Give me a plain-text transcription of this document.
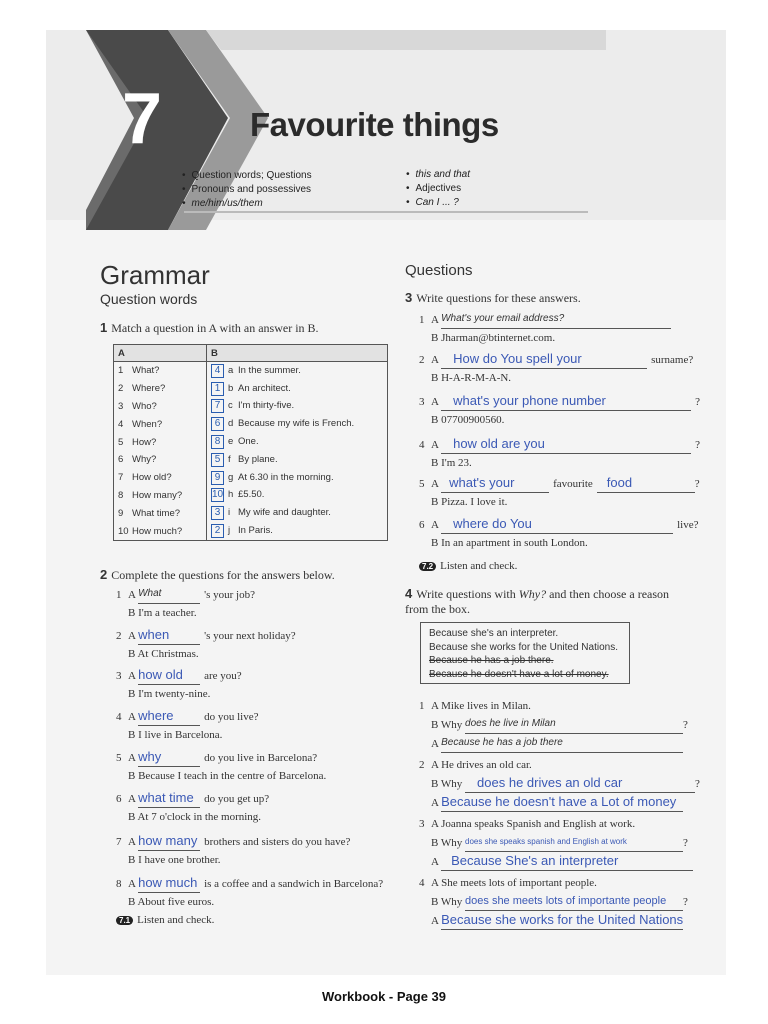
7	Favourite things
• Question words; Questions
• Pronouns and possessives
• me/him/us/them
• this and that
• Adjectives
• Can I ... ?
Grammar
Question words
1 Match a question in A with an answer in B.
A	B
1 What?	4 a In the summer.
2 Where?	1 b An architect.
3 Who?	7 c I'm thirty-five.
4 When?	6 d Because my wife is French.
5 How?	8 e One.
6 Why?	5 f By plane.
7 How old?	9 g At 6.30 in the morning.
8 How many?	10 h £5.50.
9 What time?	3 i My wife and daughter.
10 How much?	2 j In Paris.
2 Complete the questions for the answers below.
1 A What	's your job?
B I'm a teacher.
2 A when	's your next holiday?
B At Christmas.
3 A how old are you?
B I'm twenty-nine.
4 A where	do you live?
B I live in Barcelona.
5 A why	do you live in Barcelona?
B Because I teach in the centre of Barcelona.
6 A what time do you get up?
B At 7 o'clock in the morning.
7 A how many brothers and sisters do you have?
B I have one brother.
8 A how much is a coffee and a sandwich in Barcelona?
B About five euros.
7.1 Listen and check.
Questions
3 Write questions for these answers.
1 A What's your email address?
B Jharman@btinternet.com.
2 A How do You spell your	surname?
B H-A-R-M-A-N.
3 A what's your phone number	?
B 07700900560.
4 A how old are you	?
B I'm 23.
5 A what's your	favourite food	?
B Pizza. I love it.
6 A where do You	live?
B In an apartment in south London.
7.2 Listen and check.
4 Write questions with Why? and then choose a reason
from the box.
Because she's an interpreter.
Because she works for the United Nations.
Because he has a job there.
Because he doesn't have a lot of money.
1 A Mike lives in Milan.
B Why does he live in Milan	?
A Because he has a job there
2 A He drives an old car.
B Why does he drives an old car	?
A Because he doesn't have a Lot of money
3 A Joanna speaks Spanish and English at work.
B Why does she speaks spanish and English at work	?
A Because She's an interpreter
4 A She meets lots of important people.
B Why does she meets lots of importante people ?
A Because she works for the United Nations
Workbook - Page 39
